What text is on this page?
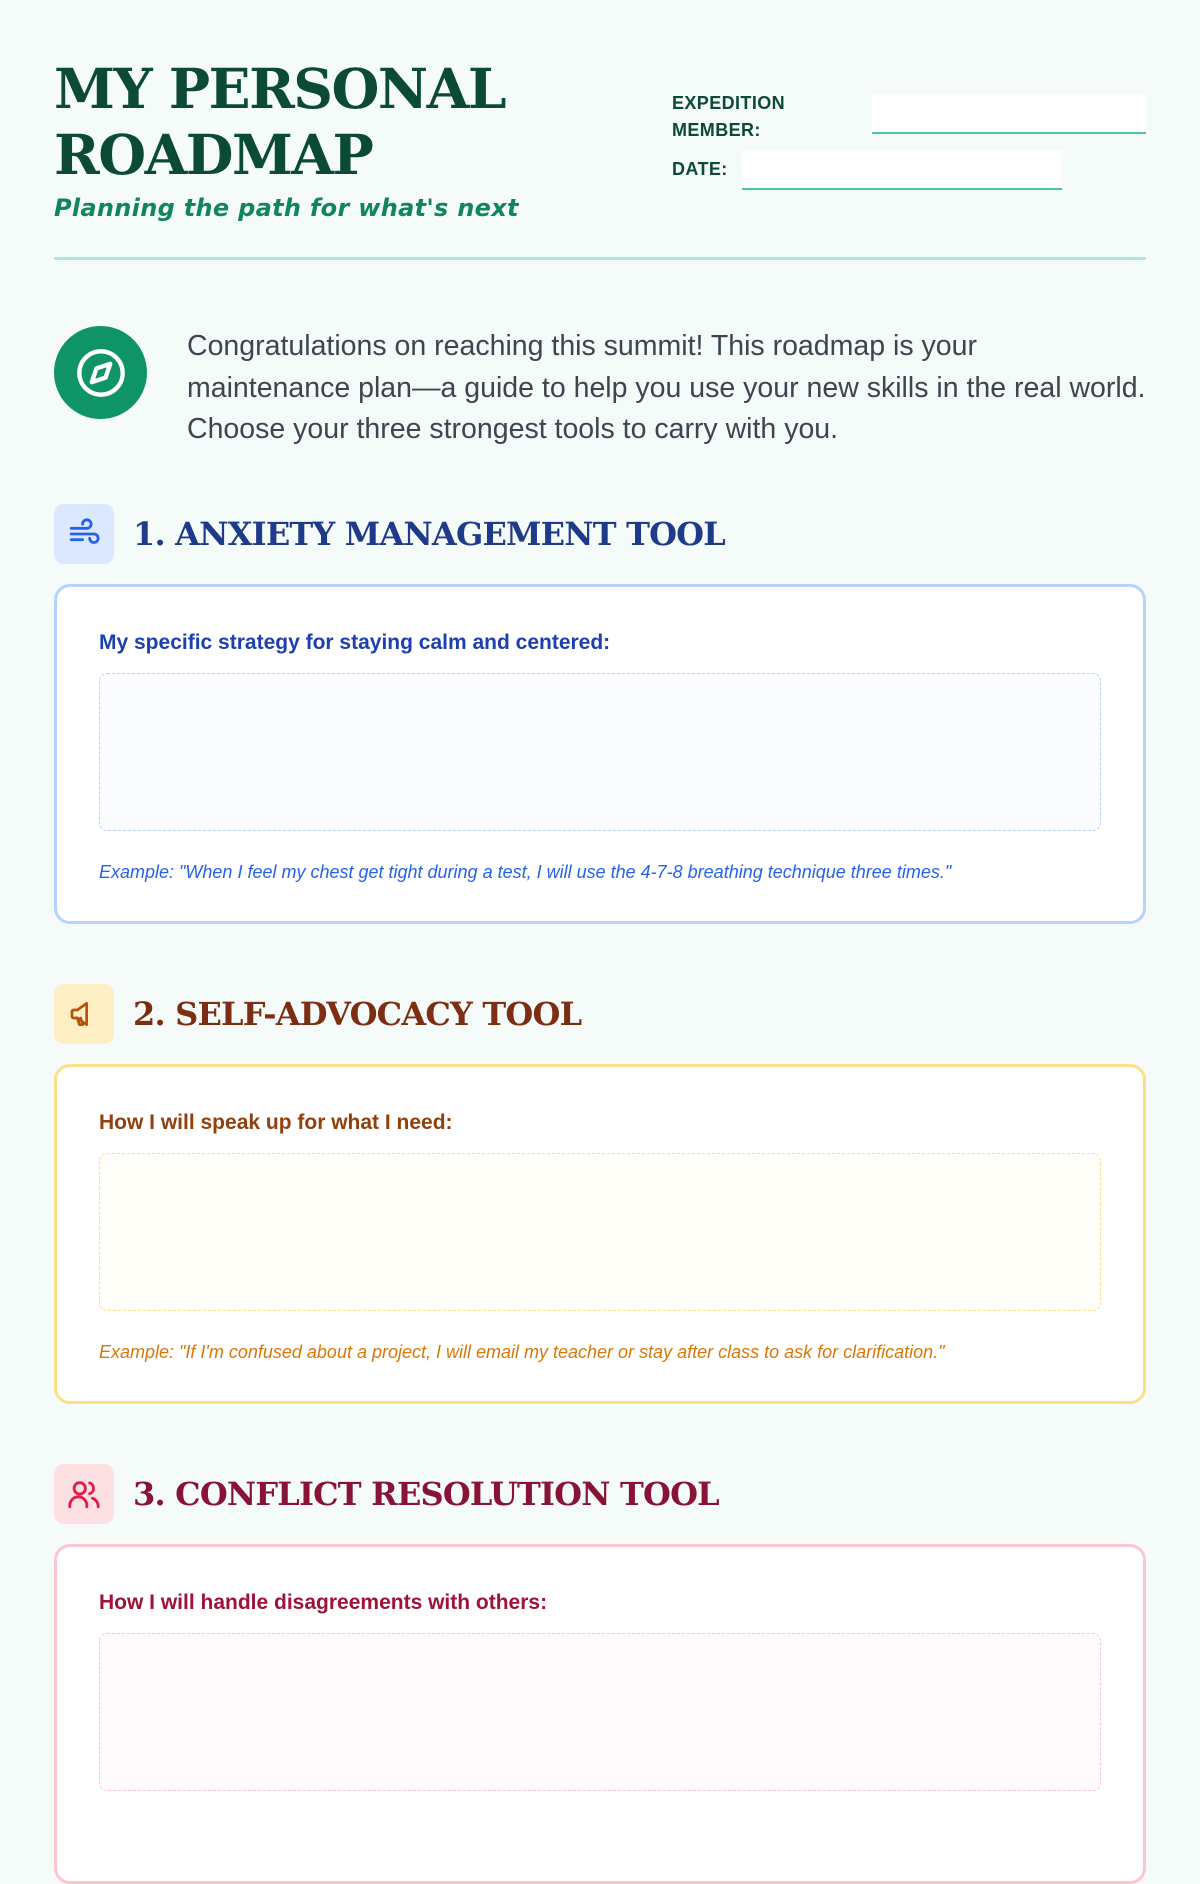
MY PERSONAL
ROADMAP
Planning the path for what's next
EXPEDITION
MEMBER:
DATE:

Congratulations on reaching this summit! This roadmap is your maintenance plan—a guide to help you use your new skills in the real world. Choose your three strongest tools to carry with you.

1. ANXIETY MANAGEMENT TOOL
My specific strategy for staying calm and centered:
Example: "When I feel my chest get tight during a test, I will use the 4-7-8 breathing technique three times."
2. SELF-ADVOCACY TOOL
How I will speak up for what I need:
Example: "If I'm confused about a project, I will email my teacher or stay after class to ask for clarification."
3. CONFLICT RESOLUTION TOOL
How I will handle disagreements with others:
